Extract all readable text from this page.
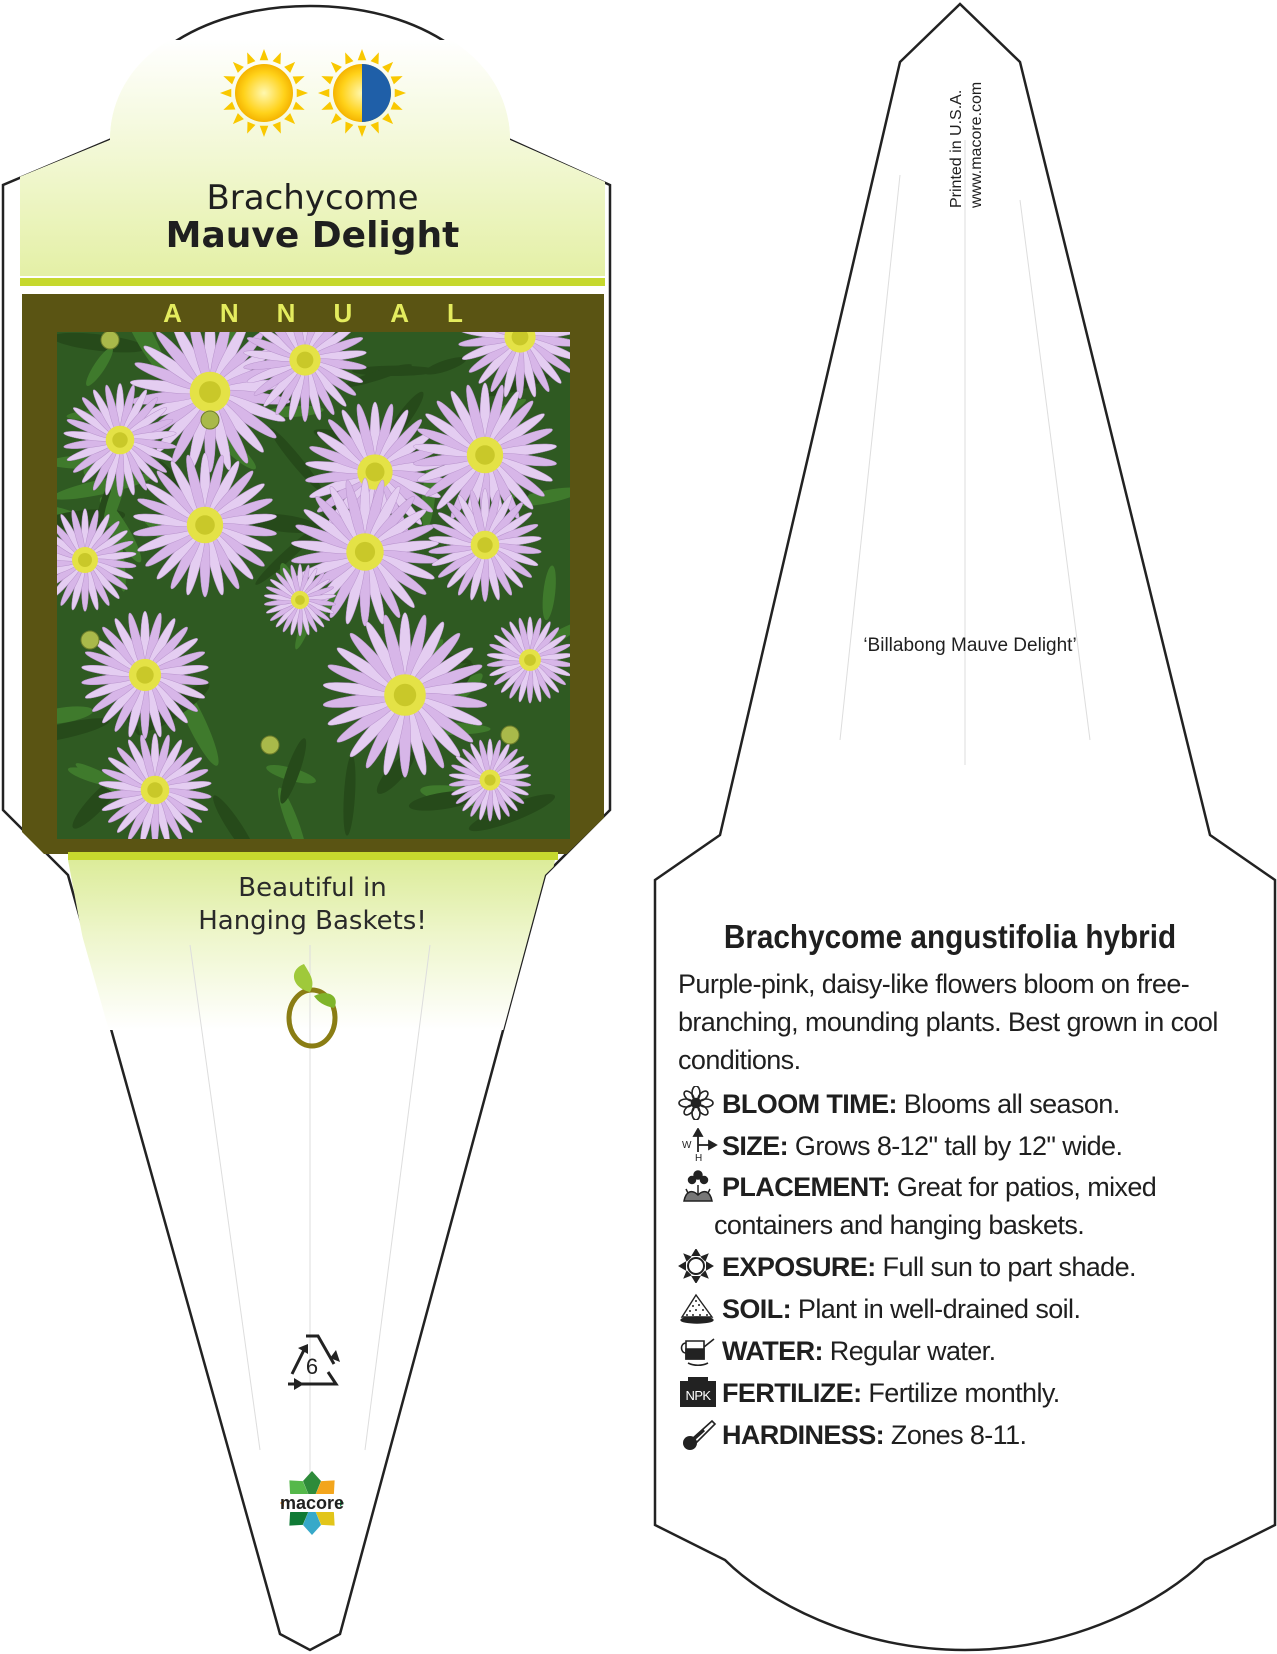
6
macore
Brachycome
Mauve Delight
ANNUAL
Beautiful in
Hanging Baskets!
Printed in U.S.A. www.macore.com
‘Billabong Mauve Delight’
Brachycome angustifolia hybrid
Purple-pink, daisy-like flowers bloom on free-branching, mounding plants. Best grown in cool conditions.
BLOOM TIME: Blooms all season.
W
H SIZE: Grows 8-12" tall by 12" wide.
PLACEMENT: Great for patios, mixed containers and hanging baskets.
EXPOSURE: Full sun to part shade.
SOIL: Plant in well-drained soil.
WATER: Regular water.
NPK FERTILIZE: Fertilize monthly.
HARDINESS: Zones 8-11.
